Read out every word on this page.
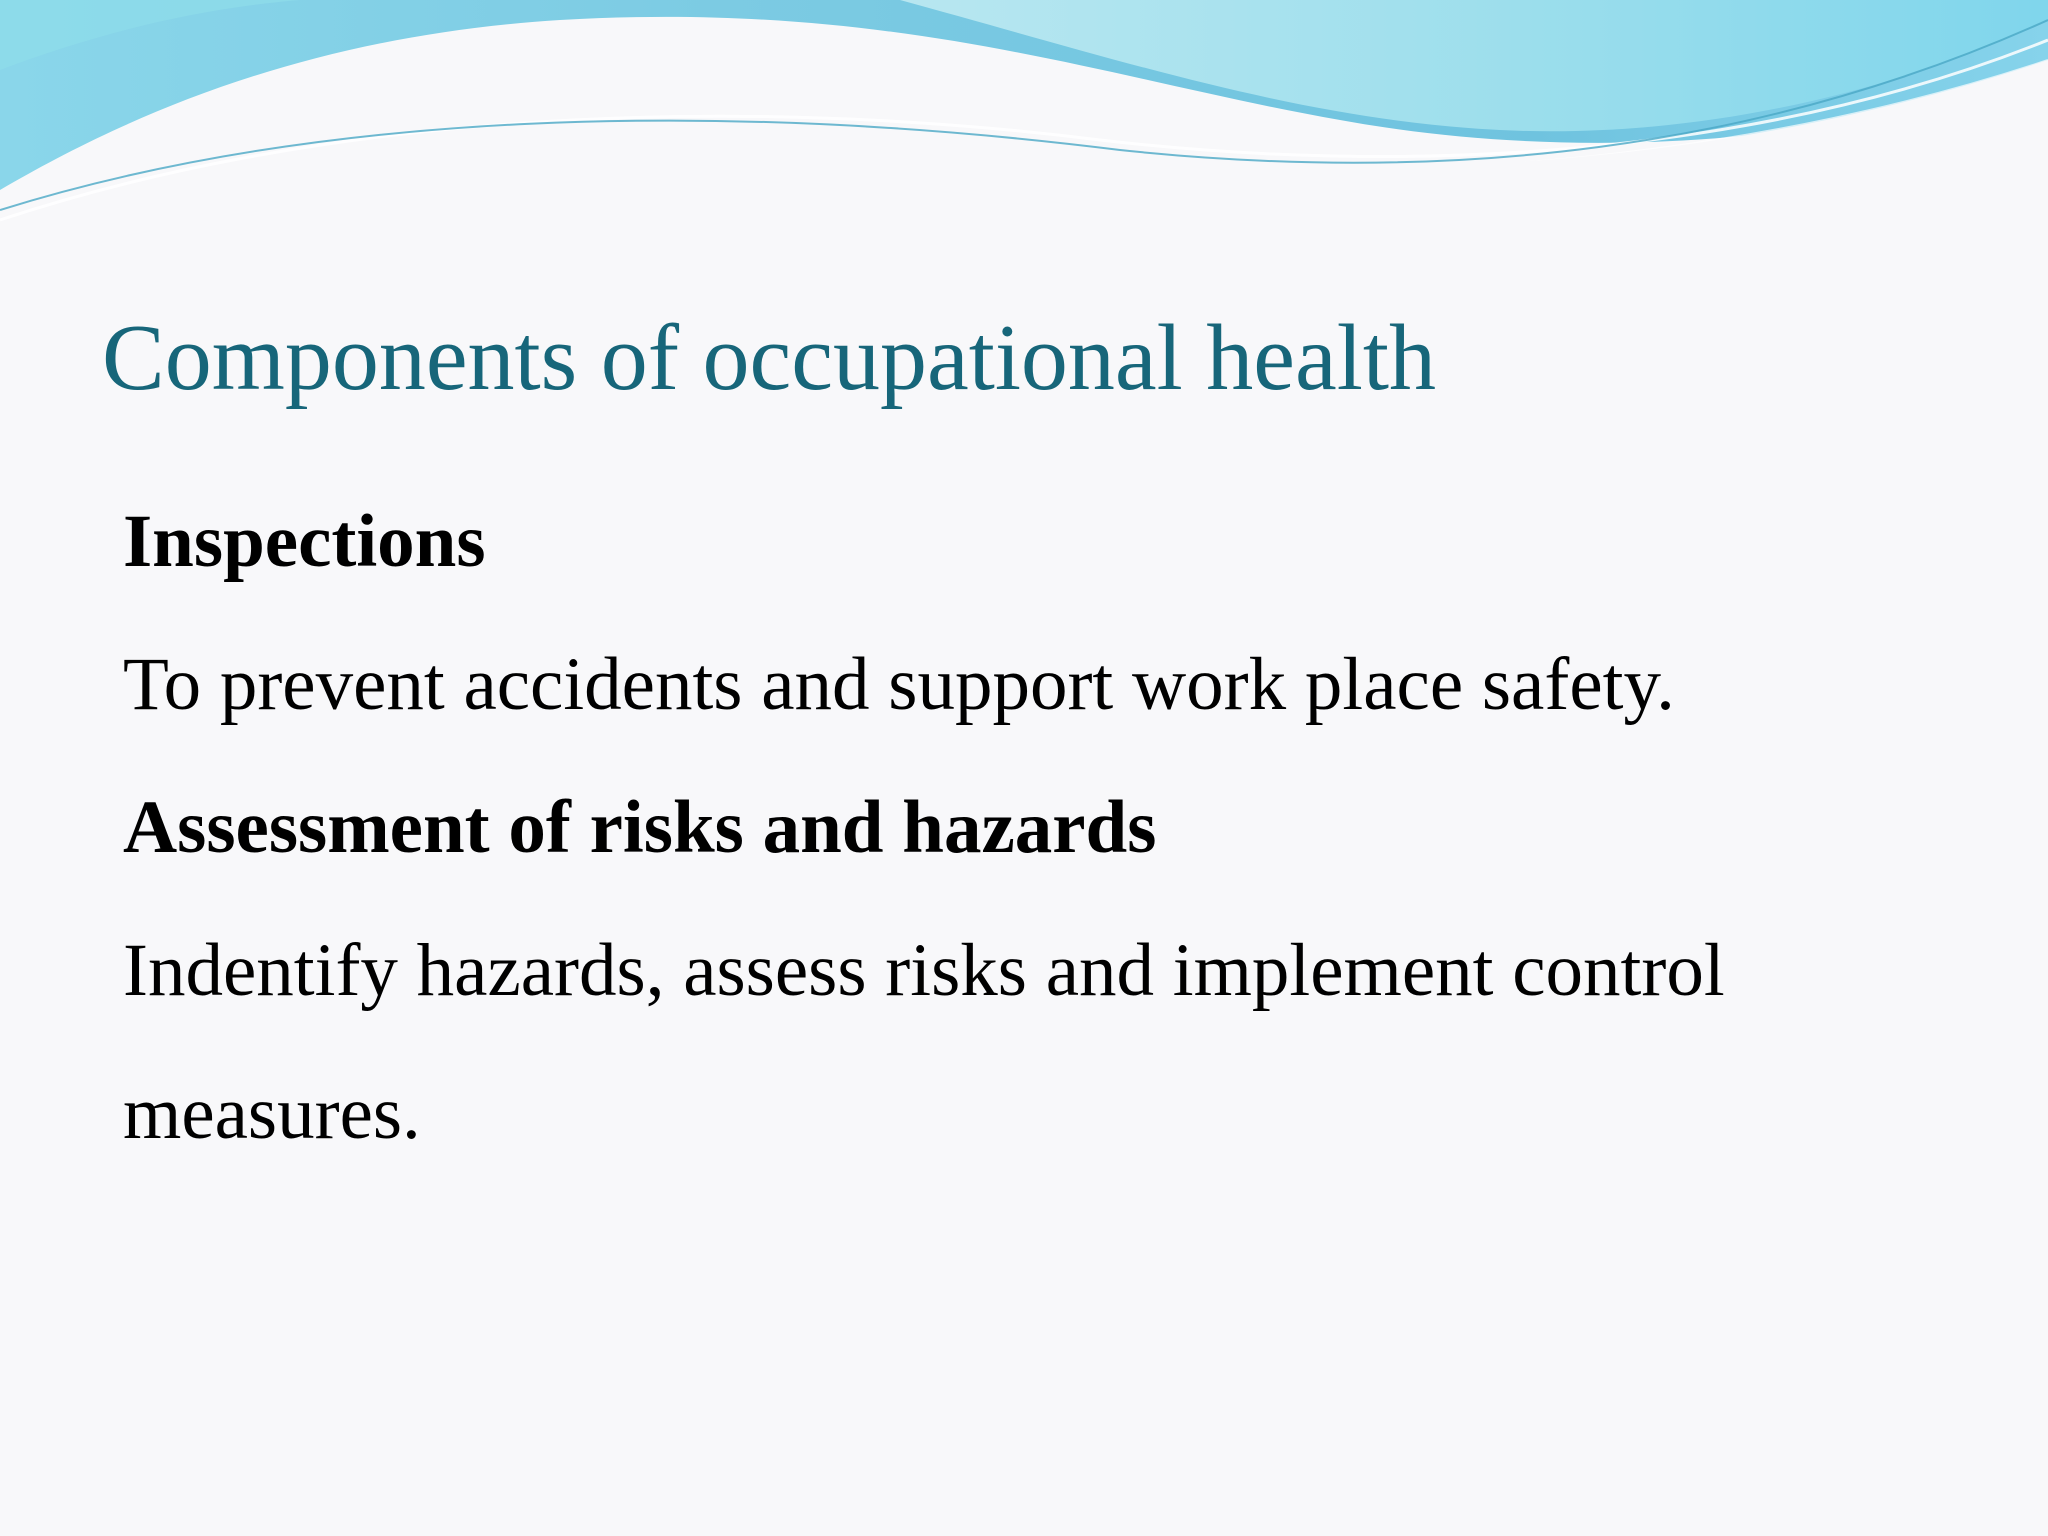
Components of occupational health

Inspections

To prevent accidents and support work place safety.

Assessment of risks and hazards

Indentify hazards, assess risks and implement control

measures.
